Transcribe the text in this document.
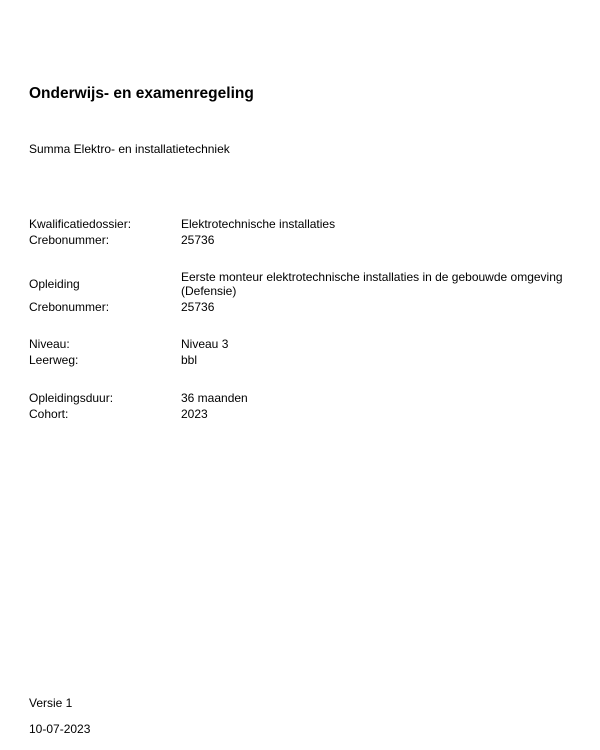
Onderwijs- en examenregeling
Summa Elektro- en installatietechniek
Kwalificatiedossier:	Elektrotechnische installaties
Crebonummer:	25736
Opleiding	Eerste monteur elektrotechnische installaties in de gebouwde omgeving (Defensie)
Crebonummer:	25736
Niveau:	Niveau 3
Leerweg:	bbl
Opleidingsduur:	36 maanden
Cohort:	2023
Versie 1
10-07-2023
